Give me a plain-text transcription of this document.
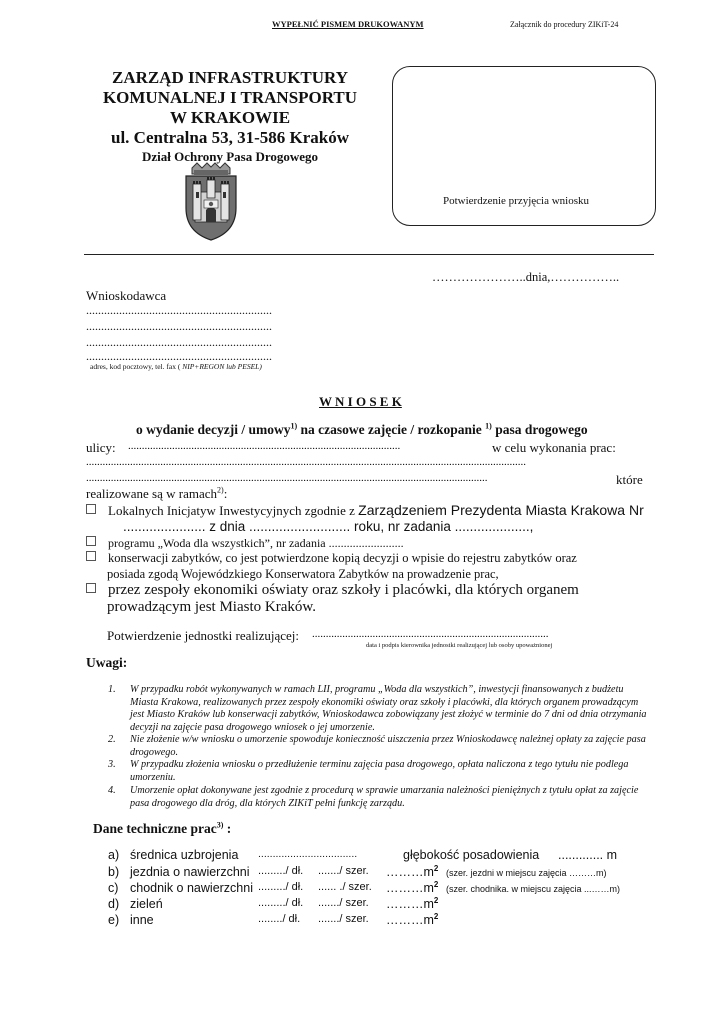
WYPEŁNIĆ PISMEM DRUKOWANYM	Załącznik do procedury ZIKiT-24
ZARZĄD INFRASTRUKTURY
KOMUNALNEJ I TRANSPORTU
W KRAKOWIE
ul. Centralna 53, 31-586 Kraków
Dział Ochrony Pasa Drogowego
Potwierdzenie przyjęcia wniosku
…………………..dnia,……………..
Wnioskodawca
..............................................................
..............................................................
..............................................................
..............................................................
adres, kod pocztowy, tel. fax ( NIP+REGON lub PESEL)
W N I O S E K
o wydanie decyzji / umowy$^{1)}$ na czasowe zajęcie / rozkopanie $^{1)}$ pasa drogowego
ulicy: ...................................................................................................	w celu wykonania prac:
................................................................................................................................................................
..................................................................................................................................................	które
realizowane są w ramach$^{2)}$:
Lokalnych Inicjatyw Inwestycyjnych zgodnie z Zarządzeniem Prezydenta Miasta Krakowa Nr
...................... z dnia ........................... roku, nr zadania ....................,
programu „Woda dla wszystkich”, nr zadania .........................
konserwacji zabytków, co jest potwierdzone kopią decyzji o wpisie do rejestru zabytków oraz
posiada zgodą Wojewódzkiego Konserwatora Zabytków na prowadzenie prac,
przez zespoły ekonomiki oświaty oraz szkoły i placówki, dla których organem
prowadzącym jest Miasto Kraków.
Potwierdzenie jednostki realizującej: ......................................................................................
data i podpis kierownika jednostki realizującej lub osoby upoważnionej
Uwagi:
1. W przypadku robót wykonywanych w ramach LII, programu „Woda dla wszystkich”, inwestycji finansowanych z budżetu Miasta Krakowa, realizowanych przez zespoły ekonomiki oświaty oraz szkoły i placówki, dla których organem prowadzącym jest Miasto Kraków lub konserwacji zabytków, Wnioskodawca zobowiązany jest złożyć w terminie do 7 dni od dnia otrzymania decyzji na zajęcie pasa drogowego wniosek o jej umorzenie.
2. Nie złożenie w/w wniosku o umorzenie spowoduje konieczność uiszczenia przez Wnioskodawcę należnej opłaty za zajęcie pasa drogowego.
3. W przypadku złożenia wniosku o przedłużenie terminu zajęcia pasa drogowego, opłata naliczona z tego tytułu nie podlega umorzeniu.
4. Umorzenie opłat dokonywane jest zgodnie z procedurą w sprawie umarzania należności pieniężnych z tytułu opłat za zajęcie pasa drogowego dla dróg, dla których ZIKiT pełni funkcję zarządu.
Dane techniczne prac$^{3)}$ :
a) średnica uzbrojenia ..................................	głębokość posadowienia ............. m
b) jezdnia o nawierzchni ........./ dł. ......./ szer. $\dots\dots\dots m^2$ (szer. jezdni w miejscu zajęcia ………m)
c) chodnik o nawierzchni ........./ dł. ...... ./ szer. $\dots\dots\dots m^2$ (szer. chodnika. w miejscu zajęcia ...……m)
d) zieleń	........./ dł. ......./ szer. $\dots\dots\dots m^2$
e) inne	......../ dł. ......./ szer. $\dots\dots\dots m^2$
